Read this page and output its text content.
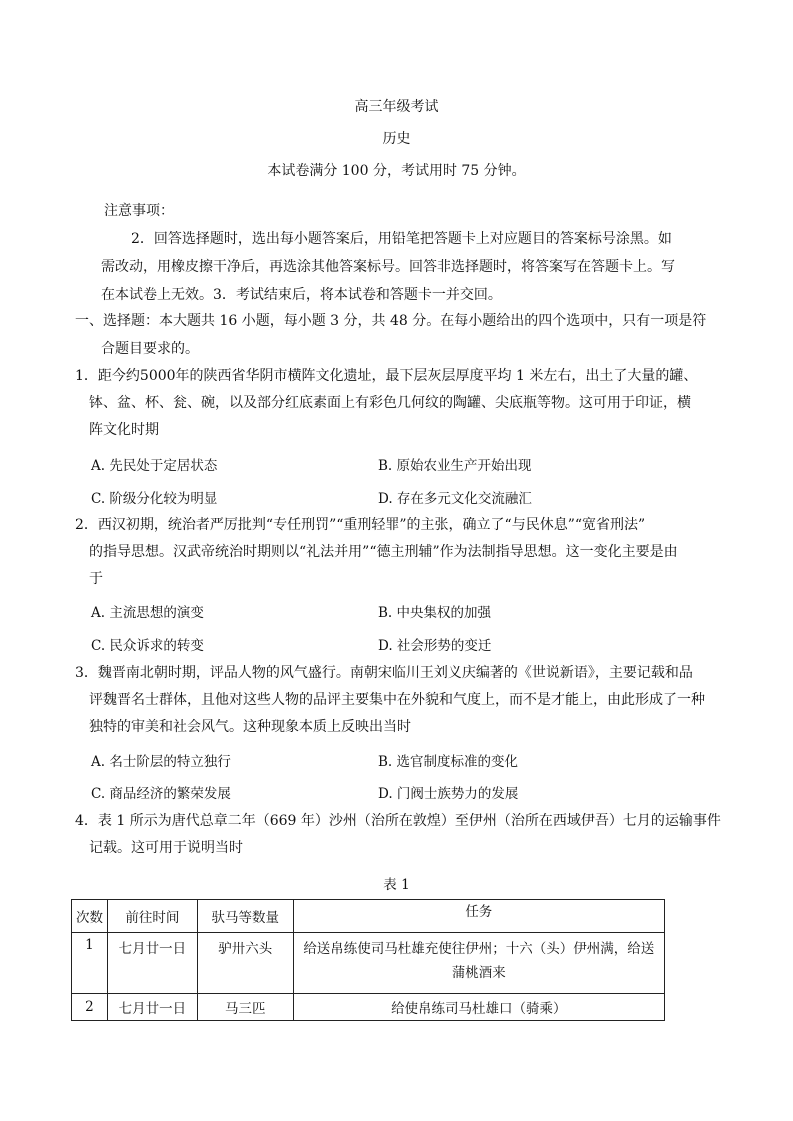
高三年级考试
历史
本试卷满分 100 分，考试用时 75 分钟。
注意事项：
2．回答选择题时，选出每小题答案后，用铅笔把答题卡上对应题目的答案标号涂黑。如
需改动，用橡皮擦干净后，再选涂其他答案标号。回答非选择题时，将答案写在答题卡上。写
在本试卷上无效。3．考试结束后，将本试卷和答题卡一并交回。
一、选择题：本大题共 16 小题，每小题 3 分，共 48 分。在每小题给出的四个选项中，只有一项是符
合题目要求的。
1．距今约5000年的陕西省华阴市横阵文化遗址，最下层灰层厚度平均 1 米左右，出土了大量的罐、
钵、盆、杯、瓮、碗，以及部分红底素面上有彩色几何纹的陶罐、尖底瓶等物。这可用于印证，横
阵文化时期
A. 先民处于定居状态	B. 原始农业生产开始出现
C. 阶级分化较为明显	D. 存在多元文化交流融汇
2．西汉初期，统治者严厉批判“专任刑罚”“重刑轻罪”的主张，确立了“与民休息”“宽省刑法”
的指导思想。汉武帝统治时期则以“礼法并用”“德主刑辅”作为法制指导思想。这一变化主要是由
于
A. 主流思想的演变	B. 中央集权的加强
C. 民众诉求的转变	D. 社会形势的变迁
3．魏晋南北朝时期，评品人物的风气盛行。南朝宋临川王刘义庆编著的《世说新语》，主要记载和品
评魏晋名士群体，且他对这些人物的品评主要集中在外貌和气度上，而不是才能上，由此形成了一种
独特的审美和社会风气。这种现象本质上反映出当时
A. 名士阶层的特立独行	B. 选官制度标准的变化
C. 商品经济的繁荣发展	D. 门阀士族势力的发展
4．表 1 所示为唐代总章二年（669 年）沙州（治所在敦煌）至伊州（治所在西域伊吾）七月的运输事件
记载。这可用于说明当时
表 1
次数	前往时间	驮马等数量	任务
1	七月廿一日	驴卅六头	给送帛练使司马杜雄充使往伊州；十六（头）伊州满，给送
蒲桃酒来

2	七月廿一日	马三匹	给使帛练司马杜雄口（骑乘）
